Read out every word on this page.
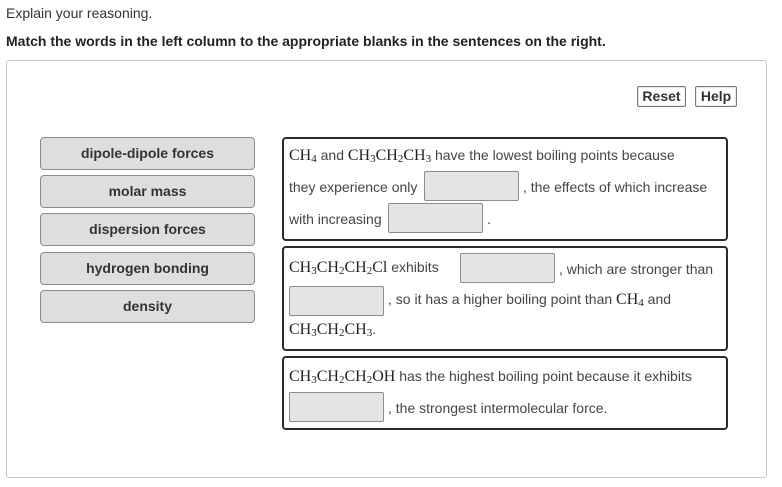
Explain your reasoning.
Match the words in the left column to the appropriate blanks in the sentences on the right.
Reset	Help
dipole-dipole forces
molar mass
dispersion forces
hydrogen bonding
density
$CH_4$ and $CH_3CH_2CH_3$ have the lowest boiling points because
they experience only	, the effects of which increase
with increasing	.
$CH_3CH_2CH_2Cl$ exhibits	, which are stronger than
, so it has a higher boiling point than $CH_4$ and
$CH_3CH_2CH_3$.
$CH_3CH_2CH_2OH$ has the highest boiling point because it exhibits
, the strongest intermolecular force.
